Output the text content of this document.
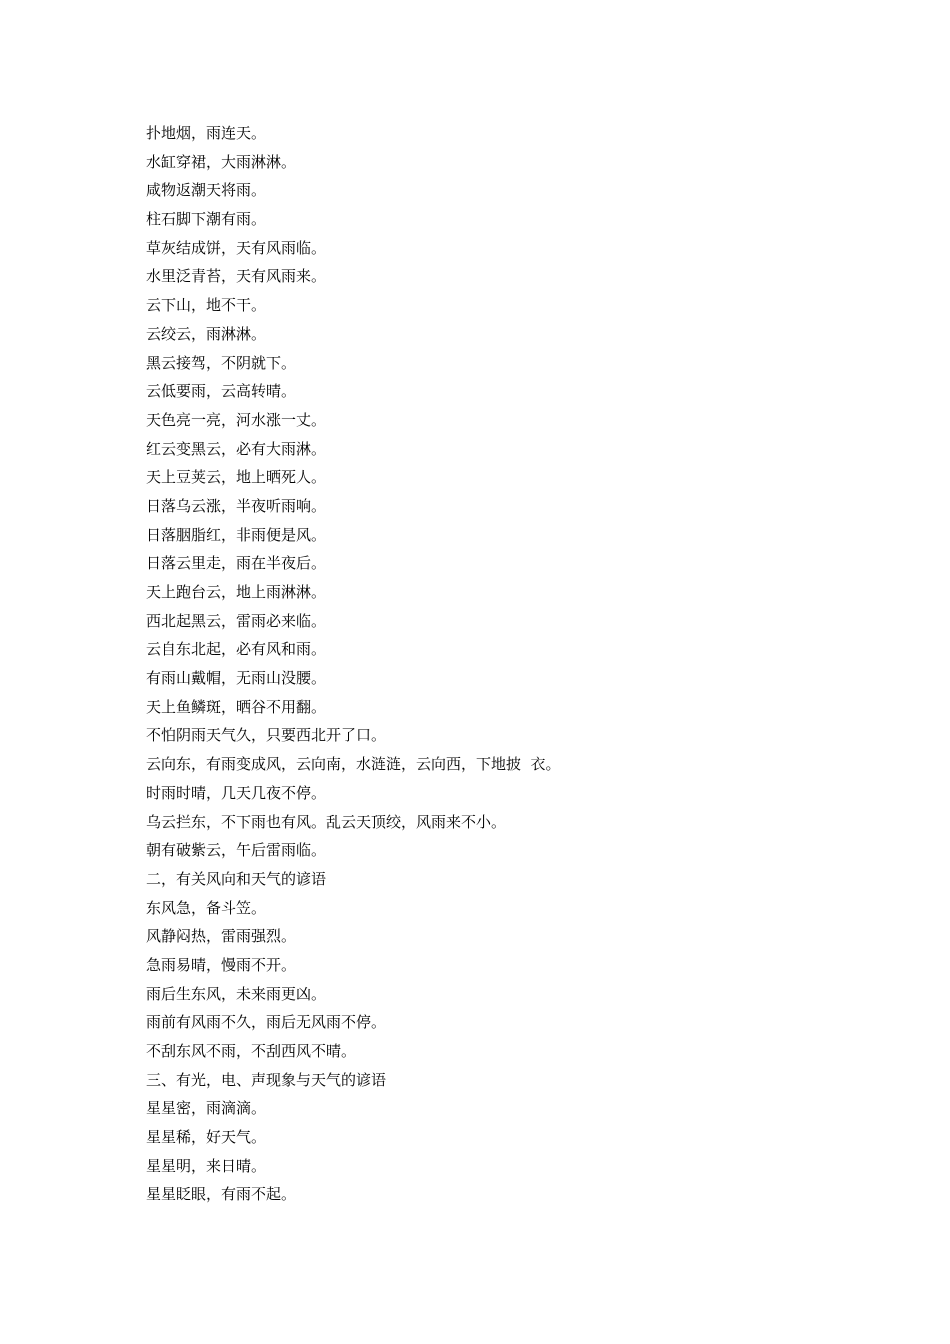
扑地烟，雨连天。
水缸穿裙，大雨淋淋。
咸物返潮天将雨。
柱石脚下潮有雨。
草灰结成饼，天有风雨临。
水里泛青苔，天有风雨来。
云下山，地不干。
云绞云，雨淋淋。
黑云接驾，不阴就下。
云低要雨，云高转晴。
天色亮一亮，河水涨一丈。
红云变黑云，必有大雨淋。
天上豆荚云，地上晒死人。
日落乌云涨，半夜听雨响。
日落胭脂红，非雨便是风。
日落云里走，雨在半夜后。
天上跑台云，地上雨淋淋。
西北起黑云，雷雨必来临。
云自东北起，必有风和雨。
有雨山戴帽，无雨山没腰。
天上鱼鳞斑，晒谷不用翻。
不怕阴雨天气久，只要西北开了口。
云向东，有雨变成风，云向南，水涟涟，云向西，下地披  衣。
时雨时晴，几天几夜不停。
乌云拦东，不下雨也有风。乱云天顶绞，风雨来不小。
朝有破紫云，午后雷雨临。
二，有关风向和天气的谚语
东风急，备斗笠。
风静闷热，雷雨强烈。
急雨易晴，慢雨不开。
雨后生东风，未来雨更凶。
雨前有风雨不久，雨后无风雨不停。
不刮东风不雨，不刮西风不晴。
三、有光，电、声现象与天气的谚语
星星密，雨滴滴。
星星稀，好天气。
星星明，来日晴。
星星眨眼，有雨不起。
